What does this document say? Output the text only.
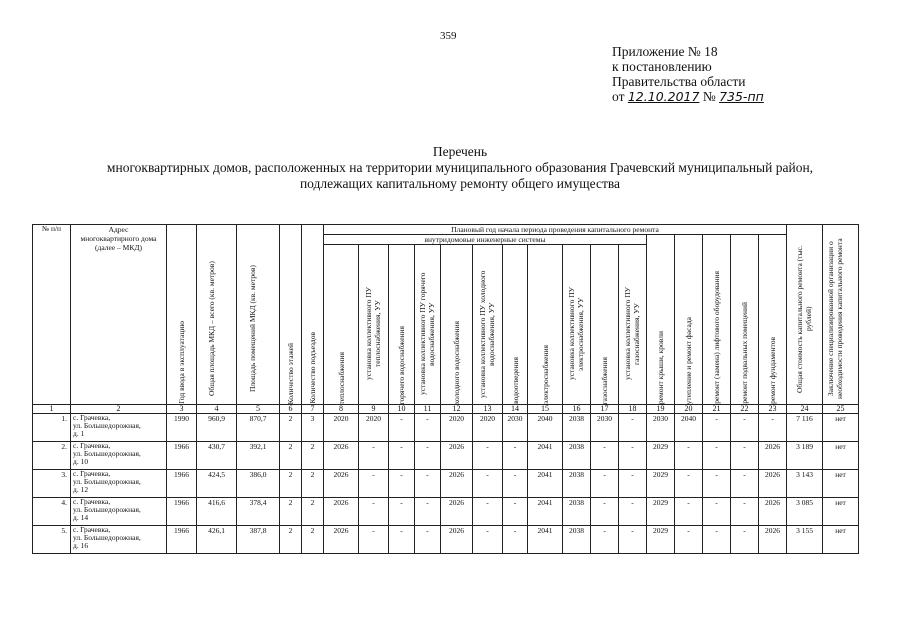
359
Приложение № 18
к постановлению
Правительства области
от 12.10.2017 № 735-пп
Перечень
многоквартирных домов, расположенных на территории муниципального образования Грачевский муниципальный район,
подлежащих капитальному ремонту общего имущества
№ п/п	Адрес многоквартирного дома (далее – МКД)	Год ввода в эксплуатацию	Общая площадь МКД – всего (кв. метров)	Площадь помещений МКД (кв. метров)	Количество этажей	Количество подъездов	Плановый год начала периода проведения капитального ремонта																Общая стоимость капитального ремонта (тыс. рублей)	Заключение специализированной организации о необходимости проведения капитального ремонта

							внутридомовые инженерные системы											ремонт крыши, кровли	утепление и ремонт фасада	ремонт (замена) лифтового оборудования	ремонт подвальных помещений	ремонт фундаментов		

							теплоснабжения	установка коллективного ПУ теплоснабжения, УУ	горячего водоснабжения	установка коллективного ПУ горячего водоснабжения, УУ	холодного водоснабжения	установка коллективного ПУ холодного водоснабжения, УУ	водоотведения	электроснабжения	установка коллективного ПУ электроснабжения, УУ	газоснабжения	установка коллективного ПУ газоснабжения, УУ							

1	2	3	4	5	6	7	8	9	10	11	12	13	14	15	16	17	18	19	20	21	22	23	24	25
1.	с. Грачевка,
ул. Большедорожная,
д. 1	1990	960,9	870,7	2	3	2020	2020	-	-	2020	2020	2030	2040	2038	2030	-	2030	2040	-	-	-	7 116	нет
2.	с. Грачевка,
ул. Большедорожная,
д. 10	1966	430,7	392,1	2	2	2026	-	-	-	2026	-	-	2041	2038	-	-	2029	-	-	-	2026	3 189	нет
3.	с. Грачевка,
ул. Большедорожная,
д. 12	1966	424,5	386,0	2	2	2026	-	-	-	2026	-	-	2041	2038	-	-	2029	-	-	-	2026	3 143	нет
4.	с. Грачевка,
ул. Большедорожная,
д. 14	1966	416,6	378,4	2	2	2026	-	-	-	2026	-	-	2041	2038	-	-	2029	-	-	-	2026	3 085	нет
5.	с. Грачевка,
ул. Большедорожная,
д. 16	1966	426,1	387,8	2	2	2026	-	-	-	2026	-	-	2041	2038	-	-	2029	-	-	-	2026	3 155	нет
